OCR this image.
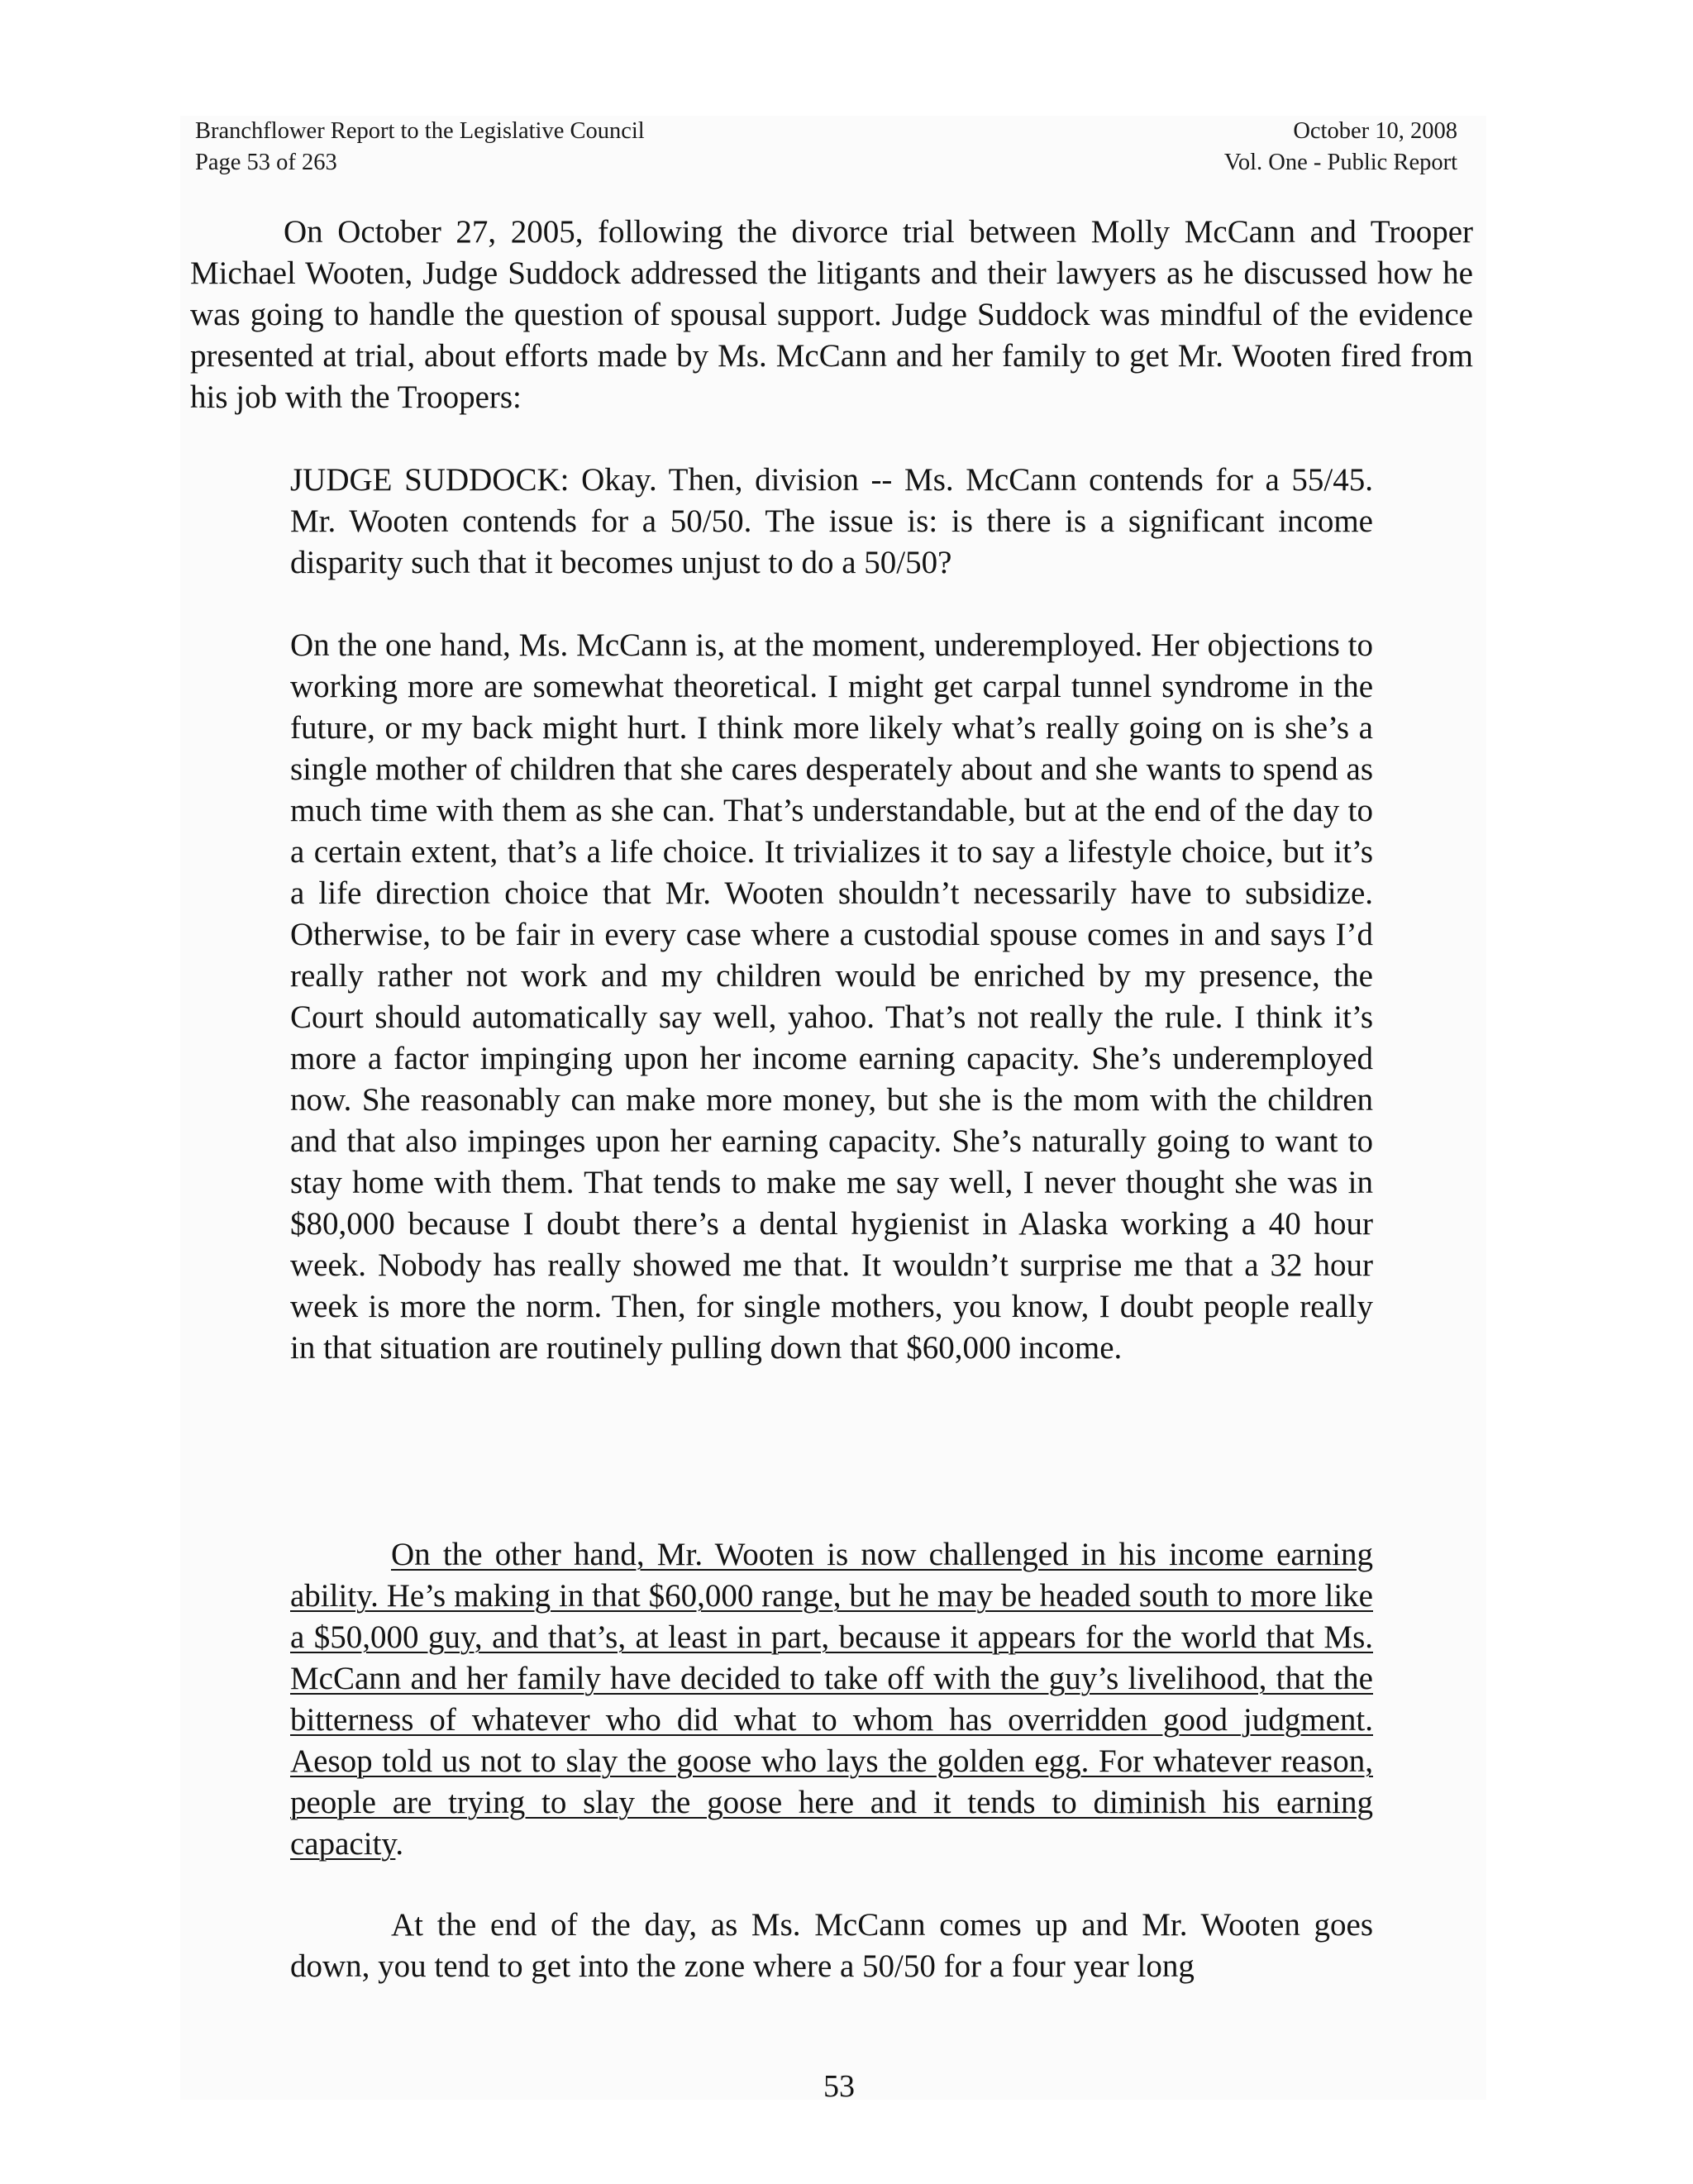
Branchflower Report to the Legislative Council
Page 53 of 263
October 10, 2008
Vol. One - Public Report

On October 27, 2005, following the divorce trial between Molly McCann and Trooper Michael Wooten, Judge Suddock addressed the litigants and their lawyers as he discussed how he was going to handle the question of spousal support. Judge Suddock was mindful of the evidence presented at trial, about efforts made by Ms. McCann and her family to get Mr. Wooten fired from his job with the Troopers:

JUDGE SUDDOCK: Okay. Then, division -- Ms. McCann contends for a 55/45. Mr. Wooten contends for a 50/50. The issue is: is there is a significant income disparity such that it becomes unjust to do a 50/50?

On the one hand, Ms. McCann is, at the moment, underemployed. Her objections to working more are somewhat theoretical. I might get carpal tunnel syndrome in the future, or my back might hurt. I think more likely what’s really going on is she’s a single mother of children that she cares desperately about and she wants to spend as much time with them as she can. That’s understandable, but at the end of the day to a certain extent, that’s a life choice. It trivializes it to say a lifestyle choice, but it’s a life direction choice that Mr. Wooten shouldn’t necessarily have to subsidize. Otherwise, to be fair in every case where a custodial spouse comes in and says I’d really rather not work and my children would be enriched by my presence, the Court should automatically say well, yahoo. That’s not really the rule. I think it’s more a factor impinging upon her income earning capacity. She’s underemployed now. She reasonably can make more money, but she is the mom with the children and that also impinges upon her earning capacity. She’s naturally going to want to stay home with them. That tends to make me say well, I never thought she was in $80,000 because I doubt there’s a dental hygienist in Alaska working a 40 hour week. Nobody has really showed me that. It wouldn’t surprise me that a 32 hour week is more the norm. Then, for single mothers, you know, I doubt people really in that situation are routinely pulling down that $60,000 income.

On the other hand, Mr. Wooten is now challenged in his income earning ability. He’s making in that $60,000 range, but he may be headed south to more like a $50,000 guy, and that’s, at least in part, because it appears for the world that Ms. McCann and her family have decided to take off with the guy’s livelihood, that the bitterness of whatever who did what to whom has overridden good judgment. Aesop told us not to slay the goose who lays the golden egg. For whatever reason, people are trying to slay the goose here and it tends to diminish his earning capacity.

At the end of the day, as Ms. McCann comes up and Mr. Wooten goes down, you tend to get into the zone where a 50/50 for a four year long

53
